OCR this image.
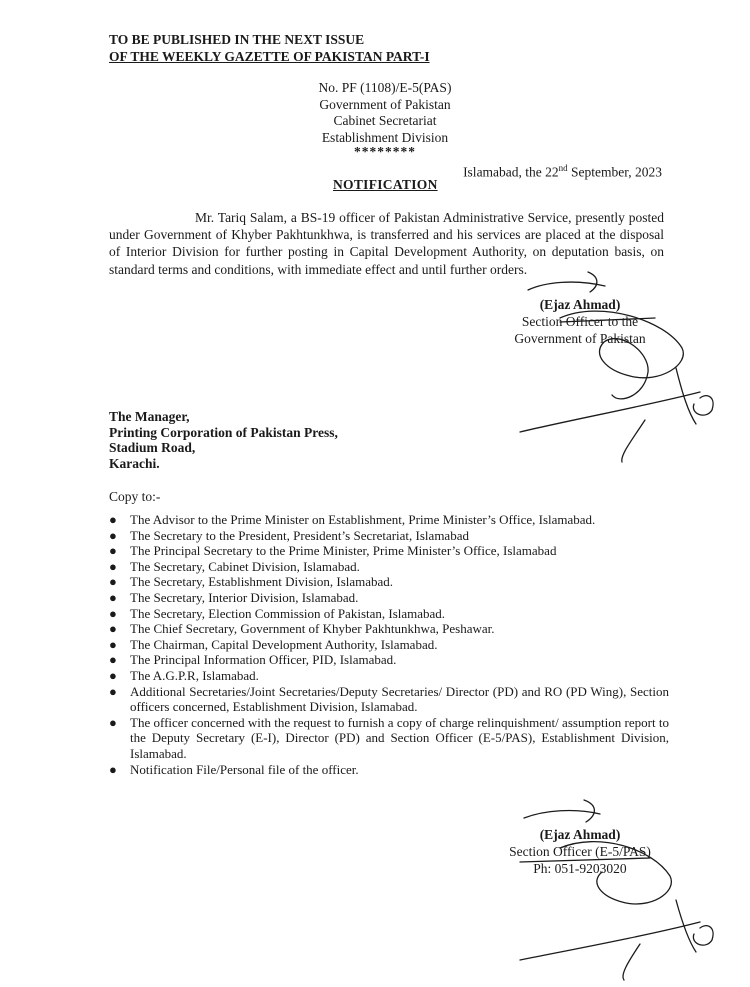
TO BE PUBLISHED IN THE NEXT ISSUE
OF THE WEEKLY GAZETTE OF PAKISTAN PART-I
No. PF (1108)/E-5(PAS)
Government of Pakistan
Cabinet Secretariat
Establishment Division
********
Islamabad, the 22nd September, 2023
NOTIFICATION
Mr. Tariq Salam, a BS-19 officer of Pakistan Administrative Service, presently posted under Government of Khyber Pakhtunkhwa, is transferred and his services are placed at the disposal of Interior Division for further posting in Capital Development Authority, on deputation basis, on standard terms and conditions, with immediate effect and until further orders.
(Ejaz Ahmad)
Section Officer to the
Government of Pakistan
The Manager,
Printing Corporation of Pakistan Press,
Stadium Road,
Karachi.
Copy to:-
● The Advisor to the Prime Minister on Establishment, Prime Minister’s Office, Islamabad.
● The Secretary to the President, President’s Secretariat, Islamabad
● The Principal Secretary to the Prime Minister, Prime Minister’s Office, Islamabad
● The Secretary, Cabinet Division, Islamabad.
● The Secretary, Establishment Division, Islamabad.
● The Secretary, Interior Division, Islamabad.
● The Secretary, Election Commission of Pakistan, Islamabad.
● The Chief Secretary, Government of Khyber Pakhtunkhwa, Peshawar.
● The Chairman, Capital Development Authority, Islamabad.
● The Principal Information Officer, PID, Islamabad.
● The A.G.P.R, Islamabad.
● Additional Secretaries/Joint Secretaries/Deputy Secretaries/ Director (PD) and RO (PD Wing), Section officers concerned, Establishment Division, Islamabad.
● The officer concerned with the request to furnish a copy of charge relinquishment/ assumption report to the Deputy Secretary (E-I), Director (PD) and Section Officer (E-5/PAS), Establishment Division, Islamabad.
● Notification File/Personal file of the officer.
(Ejaz Ahmad)
Section Officer (E-5/PAS)
Ph: 051-9203020
